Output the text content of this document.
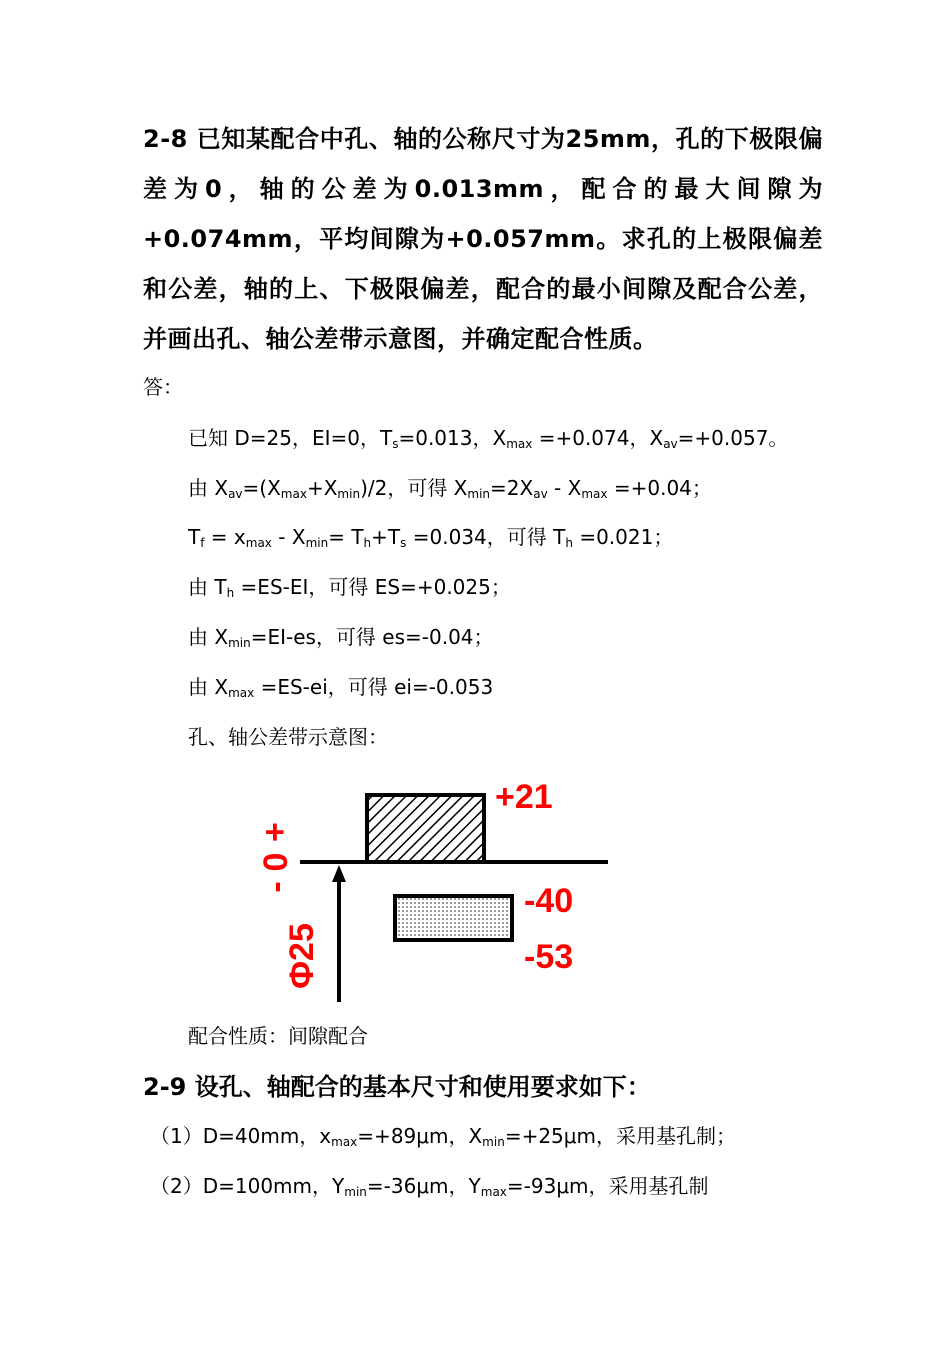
2-8 已知某配合中孔、轴的公称尺寸为25mm，孔的下极限偏差为0，轴的公差为0.013mm，配合的最大间隙为+0.074mm，平均间隙为+0.057mm。求孔的上极限偏差和公差，轴的上、下极限偏差，配合的最小间隙及配合公差，并画出孔、轴公差带示意图，并确定配合性质。
答：
已知 D=25，EI=0，$T_s=0.013$，$X_{max} =+0.074$，$X_{av}=+0.057$。
由 $X_{av}=(X_{max}+X_{min})/2$，可得 $X_{min}=2X_{av} - X_{max} =+0.04$；
$T_f = x_{max} - X_{min}= T_h+T_s =0.034$，可得 $T_h =0.021$；
由 $T_h =ES-EI$，可得 ES=+0.025；
由 $X_{min}=EI-es$，可得 es=-0.04；
由 $X_{max} =ES-ei$，可得 ei=-0.053
孔、轴公差带示意图：
+
0
-
Φ25
+21
-40
-53
配合性质：间隙配合
2-9 设孔、轴配合的基本尺寸和使用要求如下：
（1）D=40mm，$x_{max}=+89\mu m$，$X_{min}=+25\mu m$，采用基孔制；
（2）D=100mm，$Y_{min}=-36\mu m$，$Y_{max}=-93\mu m$，采用基孔制
